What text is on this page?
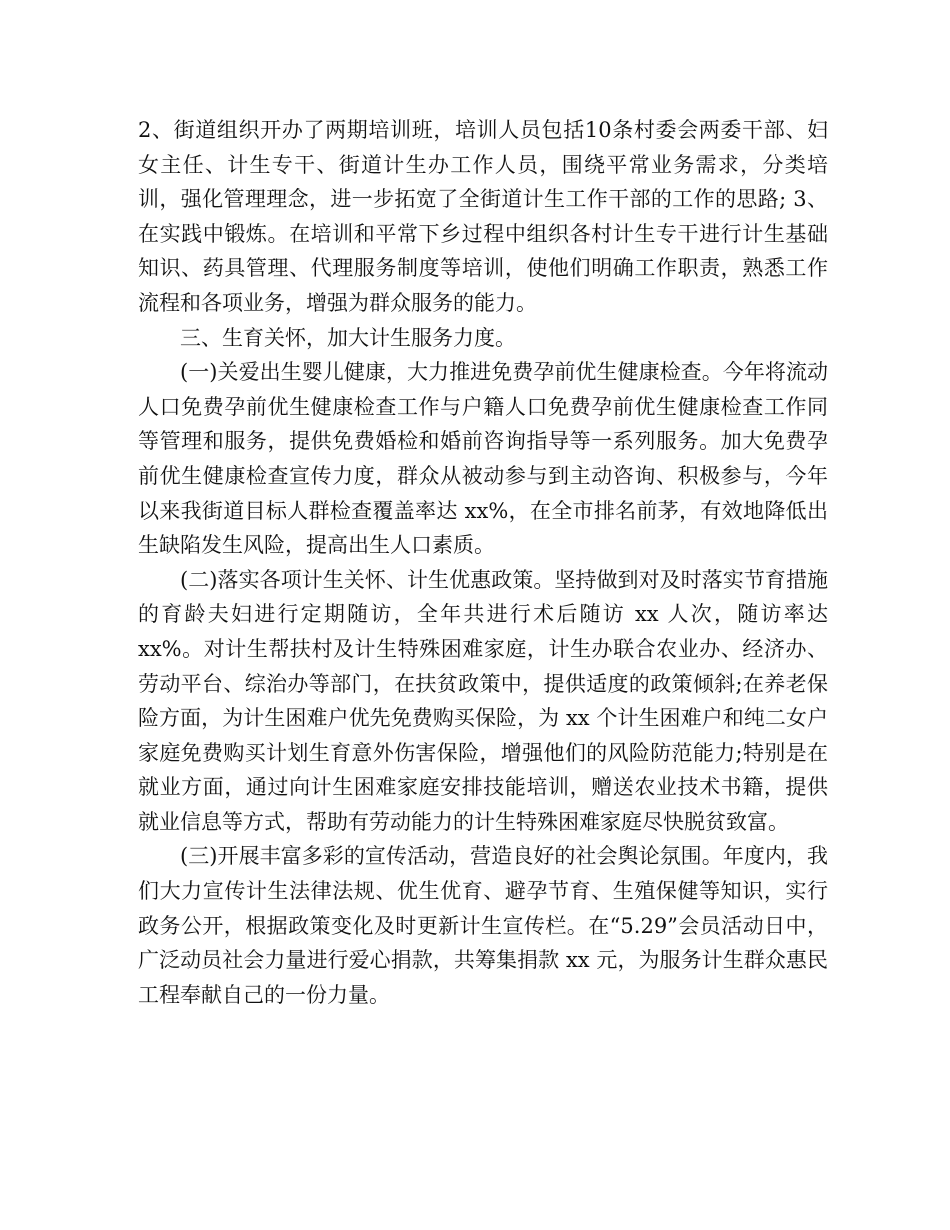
2、街道组织开办了两期培训班，培训人员包括10条村委会两委干部、妇女主任、计生专干、街道计生办工作人员，围绕平常业务需求，分类培训，强化管理理念，进一步拓宽了全街道计生工作干部的工作的思路; 3、在实践中锻炼。在培训和平常下乡过程中组织各村计生专干进行计生基础知识、药具管理、代理服务制度等培训，使他们明确工作职责，熟悉工作流程和各项业务，增强为群众服务的能力。

三、生育关怀，加大计生服务力度。

(一)关爱出生婴儿健康，大力推进免费孕前优生健康检查。今年将流动人口免费孕前优生健康检查工作与户籍人口免费孕前优生健康检查工作同等管理和服务，提供免费婚检和婚前咨询指导等一系列服务。加大免费孕前优生健康检查宣传力度，群众从被动参与到主动咨询、积极参与，今年以来我街道目标人群检查覆盖率达 xx%，在全市排名前茅，有效地降低出生缺陷发生风险，提高出生人口素质。

(二)落实各项计生关怀、计生优惠政策。坚持做到对及时落实节育措施的育龄夫妇进行定期随访，全年共进行术后随访 xx 人次，随访率达 xx%。对计生帮扶村及计生特殊困难家庭，计生办联合农业办、经济办、劳动平台、综治办等部门，在扶贫政策中，提供适度的政策倾斜;在养老保险方面，为计生困难户优先免费购买保险，为 xx 个计生困难户和纯二女户家庭免费购买计划生育意外伤害保险，增强他们的风险防范能力;特别是在就业方面，通过向计生困难家庭安排技能培训，赠送农业技术书籍，提供就业信息等方式，帮助有劳动能力的计生特殊困难家庭尽快脱贫致富。

(三)开展丰富多彩的宣传活动，营造良好的社会舆论氛围。年度内，我们大力宣传计生法律法规、优生优育、避孕节育、生殖保健等知识，实行政务公开，根据政策变化及时更新计生宣传栏。在“5.29”会员活动日中，广泛动员社会力量进行爱心捐款，共筹集捐款 xx 元，为服务计生群众惠民工程奉献自己的一份力量。
